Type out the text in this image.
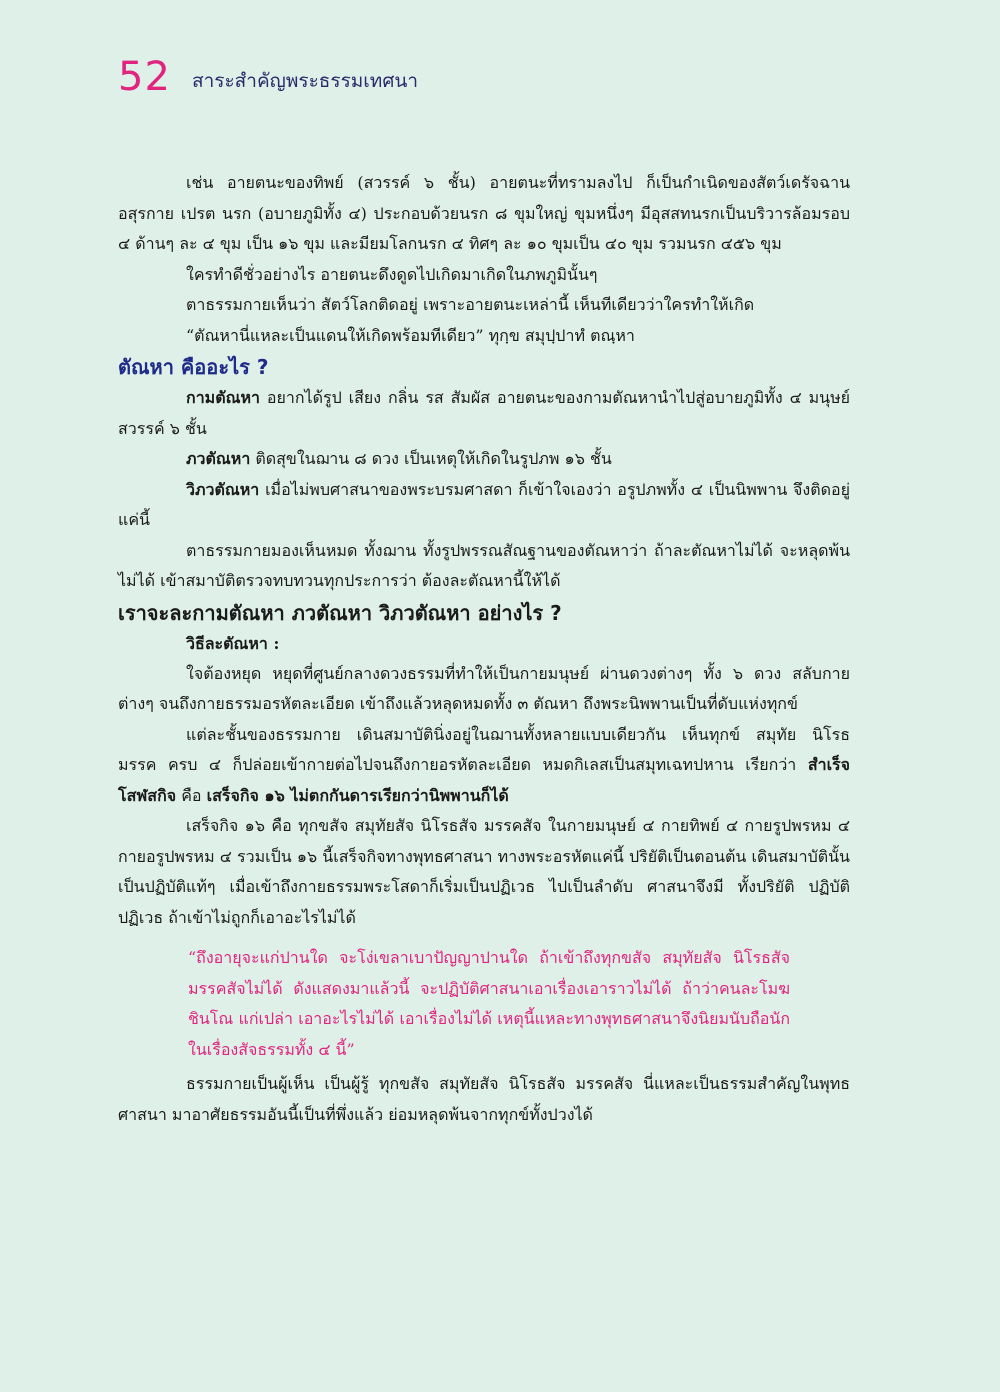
52 สาระสำคัญพระธรรมเทศนา

เช่น อายตนะของทิพย์ (สวรรค์ ๖ ชั้น) อายตนะที่ทรามลงไป ก็เป็นกำเนิดของสัตว์เดรัจฉาน อสุรกาย เปรต นรก (อบายภูมิทั้ง ๔) ประกอบด้วยนรก ๘ ขุมใหญ่ ขุมหนึ่งๆ มีอุสสทนรกเป็นบริวารล้อมรอบ ๔ ด้านๆ ละ ๔ ขุม เป็น ๑๖ ขุม และมียมโลกนรก ๔ ทิศๆ ละ ๑๐ ขุมเป็น ๔๐ ขุม รวมนรก ๔๕๖ ขุม

ใครทำดีชั่วอย่างไร อายตนะดึงดูดไปเกิดมาเกิดในภพภูมินั้นๆ

ตาธรรมกายเห็นว่า สัตว์โลกติดอยู่ เพราะอายตนะเหล่านี้ เห็นทีเดียวว่าใครทำให้เกิด

“ตัณหานี่แหละเป็นแดนให้เกิดพร้อมทีเดียว” ทุกฺข สมุปฺปาทํ ตณฺหา

ตัณหา คืออะไร ?

กามตัณหา อยากได้รูป เสียง กลิ่น รส สัมผัส อายตนะของกามตัณหานำไปสู่อบายภูมิทั้ง ๔ มนุษย์ สวรรค์ ๖ ชั้น

ภวตัณหา ติดสุขในฌาน ๘ ดวง เป็นเหตุให้เกิดในรูปภพ ๑๖ ชั้น

วิภวตัณหา เมื่อไม่พบศาสนาของพระบรมศาสดา ก็เข้าใจเองว่า อรูปภพทั้ง ๔ เป็นนิพพาน จึงติดอยู่แค่นี้

ตาธรรมกายมองเห็นหมด ทั้งฌาน ทั้งรูปพรรณสัณฐานของตัณหาว่า ถ้าละตัณหาไม่ได้ จะหลุดพ้นไม่ได้ เข้าสมาบัติตรวจทบทวนทุกประการว่า ต้องละตัณหานี้ให้ได้

เราจะละกามตัณหา ภวตัณหา วิภวตัณหา อย่างไร ?
วิธีละตัณหา :

ใจต้องหยุด หยุดที่ศูนย์กลางดวงธรรมที่ทำให้เป็นกายมนุษย์ ผ่านดวงต่างๆ ทั้ง ๖ ดวง สลับกายต่างๆ จนถึงกายธรรมอรหัตละเอียด เข้าถึงแล้วหลุดหมดทั้ง ๓ ตัณหา ถึงพระนิพพานเป็นที่ดับแห่งทุกข์

แต่ละชั้นของธรรมกาย เดินสมาบัตินิ่งอยู่ในฌานทั้งหลายแบบเดียวกัน เห็นทุกข์ สมุทัย นิโรธ มรรค ครบ ๔ ก็ปล่อยเข้ากายต่อไปจนถึงกายอรหัตละเอียด หมดกิเลสเป็นสมุทเฉทปหาน เรียกว่า สำเร็จโสฬสกิจ คือ เสร็จกิจ ๑๖ ไม่ตกกันดารเรียกว่านิพพานก็ได้

เสร็จกิจ ๑๖ คือ ทุกขสัจ สมุทัยสัจ นิโรธสัจ มรรคสัจ ในกายมนุษย์ ๔ กายทิพย์ ๔ กายรูปพรหม ๔ กายอรูปพรหม ๔ รวมเป็น ๑๖ นี้เสร็จกิจทางพุทธศาสนา ทางพระอรหัตแค่นี้ ปริยัติเป็นตอนต้น เดินสมาบัตินั้นเป็นปฏิบัติแท้ๆ เมื่อเข้าถึงกายธรรมพระโสดาก็เริ่มเป็นปฏิเวธ ไปเป็นลำดับ ศาสนาจึงมี ทั้งปริยัติ ปฏิบัติ ปฏิเวธ ถ้าเข้าไม่ถูกก็เอาอะไรไม่ได้

“ถึงอายุจะแก่ปานใด จะโง่เขลาเบาปัญญาปานใด ถ้าเข้าถึงทุกขสัจ สมุทัยสัจ นิโรธสัจ มรรคสัจไม่ได้ ดังแสดงมาแล้วนี้ จะปฏิบัติศาสนาเอาเรื่องเอาราวไม่ได้ ถ้าว่าคนละโมฆชินโณ แก่เปล่า เอาอะไรไม่ได้ เอาเรื่องไม่ได้ เหตุนี้แหละทางพุทธศาสนาจึงนิยมนับถือนักในเรื่องสัจธรรมทั้ง ๔ นี้”

ธรรมกายเป็นผู้เห็น เป็นผู้รู้ ทุกขสัจ สมุทัยสัจ นิโรธสัจ มรรคสัจ นี่แหละเป็นธรรมสำคัญในพุทธศาสนา มาอาศัยธรรมอันนี้เป็นที่พึ่งแล้ว ย่อมหลุดพ้นจากทุกข์ทั้งปวงได้
